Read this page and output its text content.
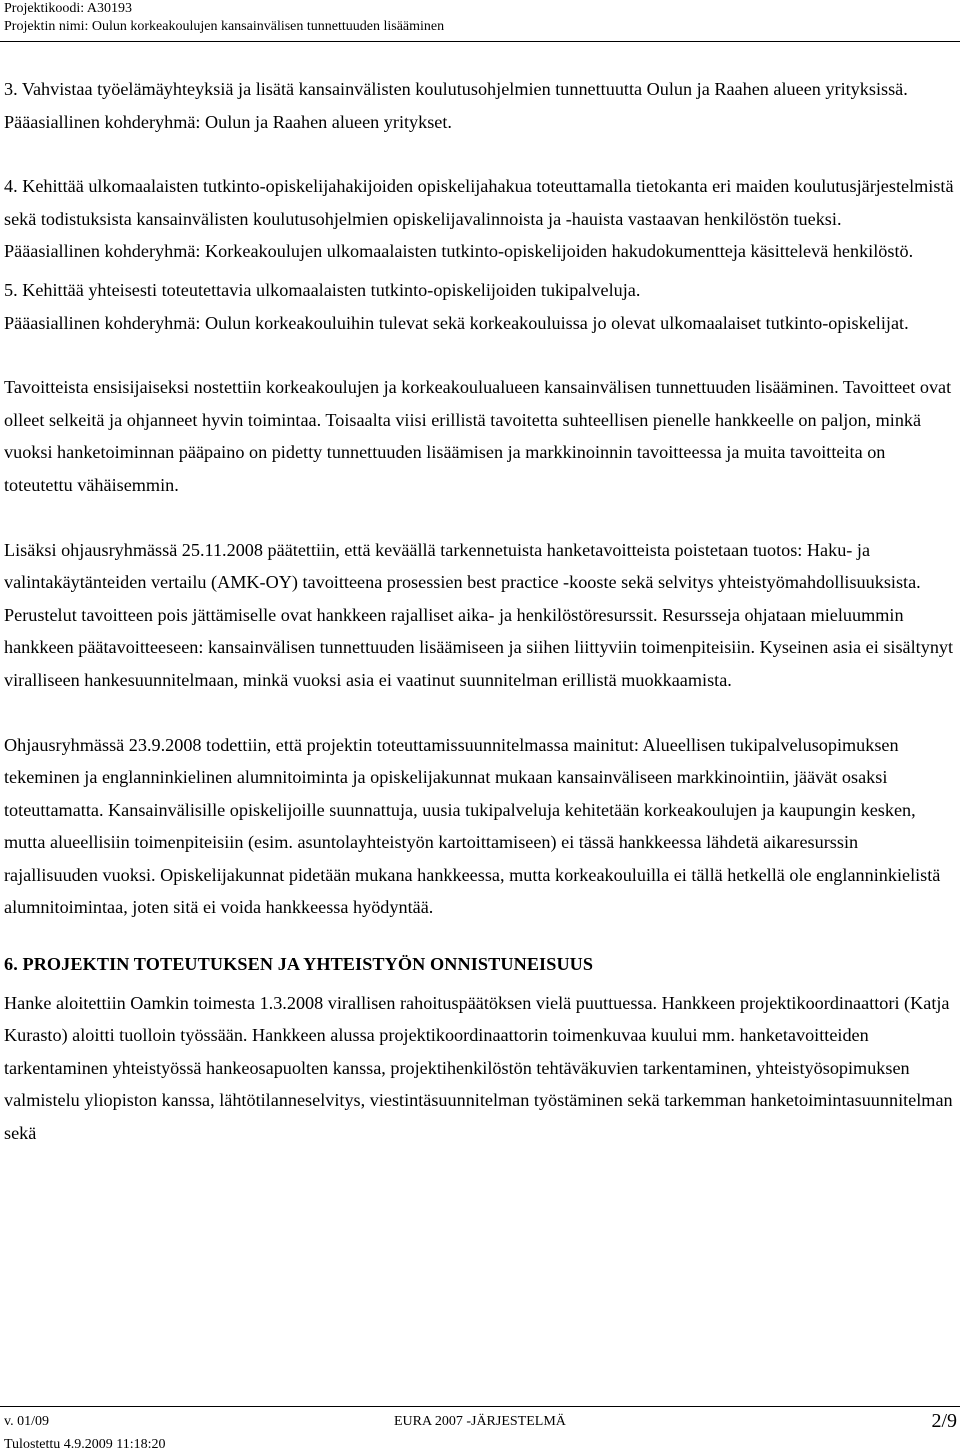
Projektikoodi: A30193
Projektin nimi: Oulun korkeakoulujen kansainvälisen tunnettuuden lisääminen

3. Vahvistaa työelämäyhteyksiä ja lisätä kansainvälisten koulutusohjelmien tunnettuutta Oulun ja Raahen alueen yrityksissä.

Pääasiallinen kohderyhmä: Oulun ja Raahen alueen yritykset.

4. Kehittää ulkomaalaisten tutkinto-opiskelijahakijoiden opiskelijahakua toteuttamalla tietokanta eri maiden koulutusjärjestelmistä sekä todistuksista kansainvälisten koulutusohjelmien opiskelijavalinnoista ja -hauista vastaavan henkilöstön tueksi.

Pääasiallinen kohderyhmä: Korkeakoulujen ulkomaalaisten tutkinto-opiskelijoiden hakudokumentteja käsittelevä henkilöstö.

5. Kehittää yhteisesti toteutettavia ulkomaalaisten tutkinto-opiskelijoiden tukipalveluja.

Pääasiallinen kohderyhmä: Oulun korkeakouluihin tulevat sekä korkeakouluissa jo olevat ulkomaalaiset tutkinto-opiskelijat.

Tavoitteista ensisijaiseksi nostettiin korkeakoulujen ja korkeakoulualueen kansainvälisen tunnettuuden lisääminen. Tavoitteet ovat olleet selkeitä ja ohjanneet hyvin toimintaa. Toisaalta viisi erillistä tavoitetta suhteellisen pienelle hankkeelle on paljon, minkä vuoksi hanketoiminnan pääpaino on pidetty tunnettuuden lisäämisen ja markkinoinnin tavoitteessa ja muita tavoitteita on toteutettu vähäisemmin.

Lisäksi ohjausryhmässä 25.11.2008 päätettiin, että keväällä tarkennetuista hanketavoitteista poistetaan tuotos: Haku- ja valintakäytänteiden vertailu (AMK-OY) tavoitteena prosessien best practice -kooste sekä selvitys yhteistyömahdollisuuksista. Perustelut tavoitteen pois jättämiselle ovat hankkeen rajalliset aika- ja henkilöstöresurssit. Resursseja ohjataan mieluummin hankkeen päätavoitteeseen: kansainvälisen tunnettuuden lisäämiseen ja siihen liittyviin toimenpiteisiin. Kyseinen asia ei sisältynyt viralliseen hankesuunnitelmaan, minkä vuoksi asia ei vaatinut suunnitelman erillistä muokkaamista.

Ohjausryhmässä 23.9.2008 todettiin, että projektin toteuttamissuunnitelmassa mainitut: Alueellisen tukipalvelusopimuksen tekeminen ja englanninkielinen alumnitoiminta ja opiskelijakunnat mukaan kansainväliseen markkinointiin, jäävät osaksi toteuttamatta. Kansainvälisille opiskelijoille suunnattuja, uusia tukipalveluja kehitetään korkeakoulujen ja kaupungin kesken, mutta alueellisiin toimenpiteisiin (esim. asuntolayhteistyön kartoittamiseen) ei tässä hankkeessa lähdetä aikaresurssin rajallisuuden vuoksi. Opiskelijakunnat pidetään mukana hankkeessa, mutta korkeakouluilla ei tällä hetkellä ole englanninkielistä alumnitoimintaa, joten sitä ei voida hankkeessa hyödyntää.

6. PROJEKTIN TOTEUTUKSEN JA YHTEISTYÖN ONNISTUNEISUUS

Hanke aloitettiin Oamkin toimesta 1.3.2008 virallisen rahoituspäätöksen vielä puuttuessa. Hankkeen projektikoordinaattori (Katja Kurasto) aloitti tuolloin työssään. Hankkeen alussa projektikoordinaattorin toimenkuvaa kuului mm. hanketavoitteiden tarkentaminen yhteistyössä hankeosapuolten kanssa, projektihenkilöstön tehtäväkuvien tarkentaminen, yhteistyösopimuksen valmistelu yliopiston kanssa, lähtötilanneselvitys, viestintäsuunnitelman työstäminen sekä tarkemman hanketoimintasuunnitelman sekä

v. 01/09	EURA 2007 -JÄRJESTELMÄ	2/9
Tulostettu 4.9.2009 11:18:20
